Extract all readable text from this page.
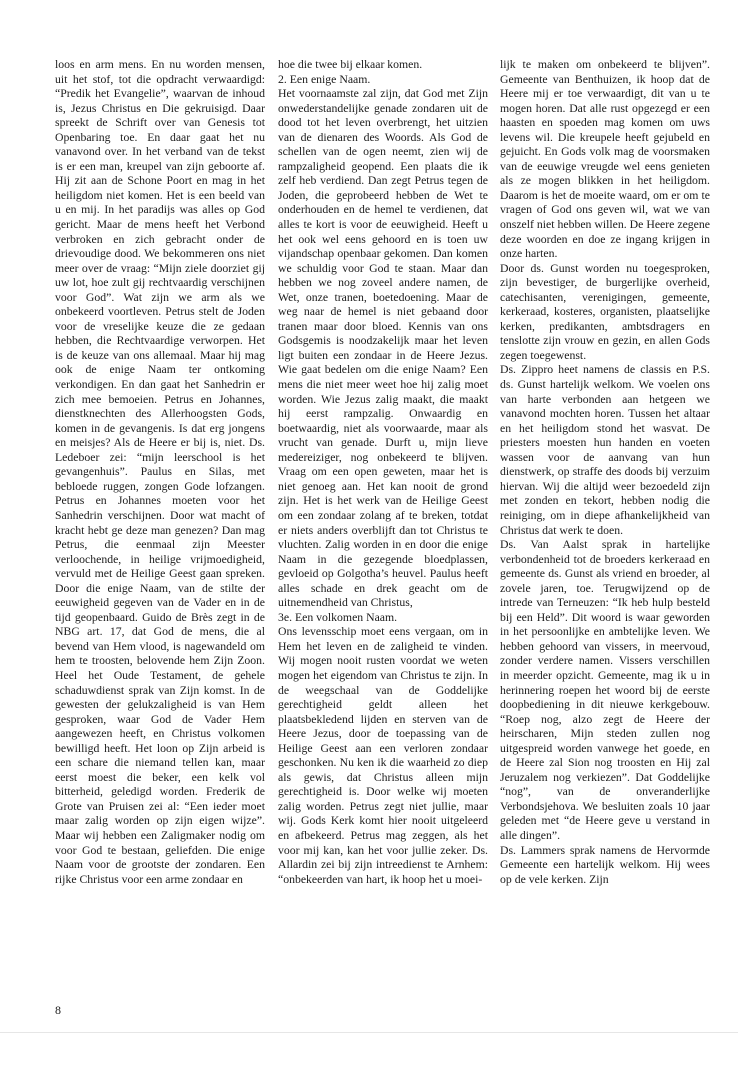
loos en arm mens. En nu worden mensen, uit het stof, tot die opdracht verwaardigd: “Predik het Evangelie”, waarvan de inhoud is, Jezus Christus en Die gekruisigd. Daar spreekt de Schrift over van Genesis tot Openbaring toe. En daar gaat het nu vanavond over. In het verband van de tekst is er een man, kreupel van zijn geboorte af. Hij zit aan de Schone Poort en mag in het heiligdom niet komen. Het is een beeld van u en mij. In het paradijs was alles op God gericht. Maar de mens heeft het Verbond verbroken en zich gebracht onder de drievoudige dood. We bekommeren ons niet meer over de vraag: “Mijn ziele doorziet gij uw lot, hoe zult gij rechtvaardig verschijnen voor God”. Wat zijn we arm als we onbekeerd voortleven. Petrus stelt de Joden voor de vreselijke keuze die ze gedaan hebben, die Rechtvaardige verworpen. Het is de keuze van ons allemaal. Maar hij mag ook de enige Naam ter ontkoming verkondigen. En dan gaat het Sanhedrin er zich mee bemoeien. Petrus en Johannes, dienstknechten des Allerhoogsten Gods, komen in de gevangenis. Is dat erg jongens en meisjes? Als de Heere er bij is, niet. Ds. Ledeboer zei: “mijn leerschool is het gevangenhuis”. Paulus en Silas, met bebloede ruggen, zongen Gode lofzangen. Petrus en Johannes moeten voor het Sanhedrin verschijnen. Door wat macht of kracht hebt ge deze man genezen? Dan mag Petrus, die eenmaal zijn Meester verloochende, in heilige vrijmoedigheid, vervuld met de Heilige Geest gaan spreken. Door die enige Naam, van de stilte der eeuwigheid gegeven van de Vader en in de tijd geopenbaard. Guido de Brès zegt in de NBG art. 17, dat God de mens, die al bevend van Hem vlood, is nagewandeld om hem te troosten, belovende hem Zijn Zoon. Heel het Oude Testament, de gehele schaduwdienst sprak van Zijn komst. In de gewesten der gelukzaligheid is van Hem gesproken, waar God de Vader Hem aangewezen heeft, en Christus volkomen bewilligd heeft. Het loon op Zijn arbeid is een schare die niemand tellen kan, maar eerst moest die beker, een kelk vol bitterheid, geledigd worden. Frederik de Grote van Pruisen zei al: “Een ieder moet maar zalig worden op zijn eigen wijze”. Maar wij hebben een Zaligmaker nodig om voor God te bestaan, geliefden. Die enige Naam voor de grootste der zondaren. Een rijke Christus voor een arme zondaar en

hoe die twee bij elkaar komen.

2. Een enige Naam.

Het voornaamste zal zijn, dat God met Zijn onwederstandelijke genade zondaren uit de dood tot het leven overbrengt, het uitzien van de dienaren des Woords. Als God de schellen van de ogen neemt, zien wij de rampzaligheid geopend. Een plaats die ik zelf heb verdiend. Dan zegt Petrus tegen de Joden, die geprobeerd hebben de Wet te onderhouden en de hemel te verdienen, dat alles te kort is voor de eeuwigheid. Heeft u het ook wel eens gehoord en is toen uw vijandschap openbaar gekomen. Dan komen we schuldig voor God te staan. Maar dan hebben we nog zoveel andere namen, de Wet, onze tranen, boetedoening. Maar de weg naar de hemel is niet gebaand door tranen maar door bloed. Kennis van ons Godsgemis is noodzakelijk maar het leven ligt buiten een zondaar in de Heere Jezus. Wie gaat bedelen om die enige Naam? Een mens die niet meer weet hoe hij zalig moet worden. Wie Jezus zalig maakt, die maakt hij eerst rampzalig. Onwaardig en boetwaardig, niet als voorwaarde, maar als vrucht van genade. Durft u, mijn lieve medereiziger, nog onbekeerd te blijven. Vraag om een open geweten, maar het is niet genoeg aan. Het kan nooit de grond zijn. Het is het werk van de Heilige Geest om een zondaar zolang af te breken, totdat er niets anders overblijft dan tot Christus te vluchten. Zalig worden in en door die enige Naam in die gezegende bloedplassen, gevloeid op Golgotha’s heuvel. Paulus heeft alles schade en drek geacht om de uitnemendheid van Christus,

3e. Een volkomen Naam.

Ons levensschip moet eens vergaan, om in Hem het leven en de zaligheid te vinden. Wij mogen nooit rusten voordat we weten mogen het eigendom van Christus te zijn. In de weegschaal van de Goddelijke gerechtigheid geldt alleen het plaatsbekledend lijden en sterven van de Heere Jezus, door de toepassing van de Heilige Geest aan een verloren zondaar geschonken. Nu ken ik die waarheid zo diep als gewis, dat Christus alleen mijn gerechtigheid is. Door welke wij moeten zalig worden. Petrus zegt niet jullie, maar wij. Gods Kerk komt hier nooit uitgeleerd en afbekeerd. Petrus mag zeggen, als het voor mij kan, kan het voor jullie zeker. Ds. Allardin zei bij zijn intreedienst te Arnhem: “onbekeerden van hart, ik hoop het u moei-

lijk te maken om onbekeerd te blijven”. Gemeente van Benthuizen, ik hoop dat de Heere mij er toe verwaardigt, dit van u te mogen horen. Dat alle rust opgezegd er een haasten en spoeden mag komen om uws levens wil. Die kreupele heeft gejubeld en gejuicht. En Gods volk mag de voorsmaken van de eeuwige vreugde wel eens genieten als ze mogen blikken in het heiligdom. Daarom is het de moeite waard, om er om te vragen of God ons geven wil, wat we van onszelf niet hebben willen. De Heere zegene deze woorden en doe ze ingang krijgen in onze harten.

Door ds. Gunst worden nu toegesproken, zijn bevestiger, de burgerlijke overheid, catechisanten, verenigingen, gemeente, kerkeraad, kosteres, organisten, plaatselijke kerken, predikanten, ambtsdragers en tenslotte zijn vrouw en gezin, en allen Gods zegen toegewenst.

Ds. Zippro heet namens de classis en P.S. ds. Gunst hartelijk welkom. We voelen ons van harte verbonden aan hetgeen we vanavond mochten horen. Tussen het altaar en het heiligdom stond het wasvat. De priesters moesten hun handen en voeten wassen voor de aanvang van hun dienstwerk, op straffe des doods bij verzuim hiervan. Wij die altijd weer bezoedeld zijn met zonden en tekort, hebben nodig die reiniging, om in diepe afhankelijkheid van Christus dat werk te doen.

Ds. Van Aalst sprak in hartelijke verbondenheid tot de broeders kerkeraad en gemeente ds. Gunst als vriend en broeder, al zovele jaren, toe. Terugwijzend op de intrede van Terneuzen: “Ik heb hulp besteld bij een Held”. Dit woord is waar geworden in het persoonlijke en ambtelijke leven. We hebben gehoord van vissers, in meervoud, zonder verdere namen. Vissers verschillen in meerder opzicht. Gemeente, mag ik u in herinnering roepen het woord bij de eerste doopbediening in dit nieuwe kerkgebouw. “Roep nog, alzo zegt de Heere der heirscharen, Mijn steden zullen nog uitgespreid worden vanwege het goede, en de Heere zal Sion nog troosten en Hij zal Jeruzalem nog verkiezen”. Dat Goddelijke “nog”, van de onveranderlijke Verbondsjehova. We besluiten zoals 10 jaar geleden met “de Heere geve u verstand in alle dingen”.

Ds. Lammers sprak namens de Hervormde Gemeente een hartelijk welkom. Hij wees op de vele kerken. Zijn

8
